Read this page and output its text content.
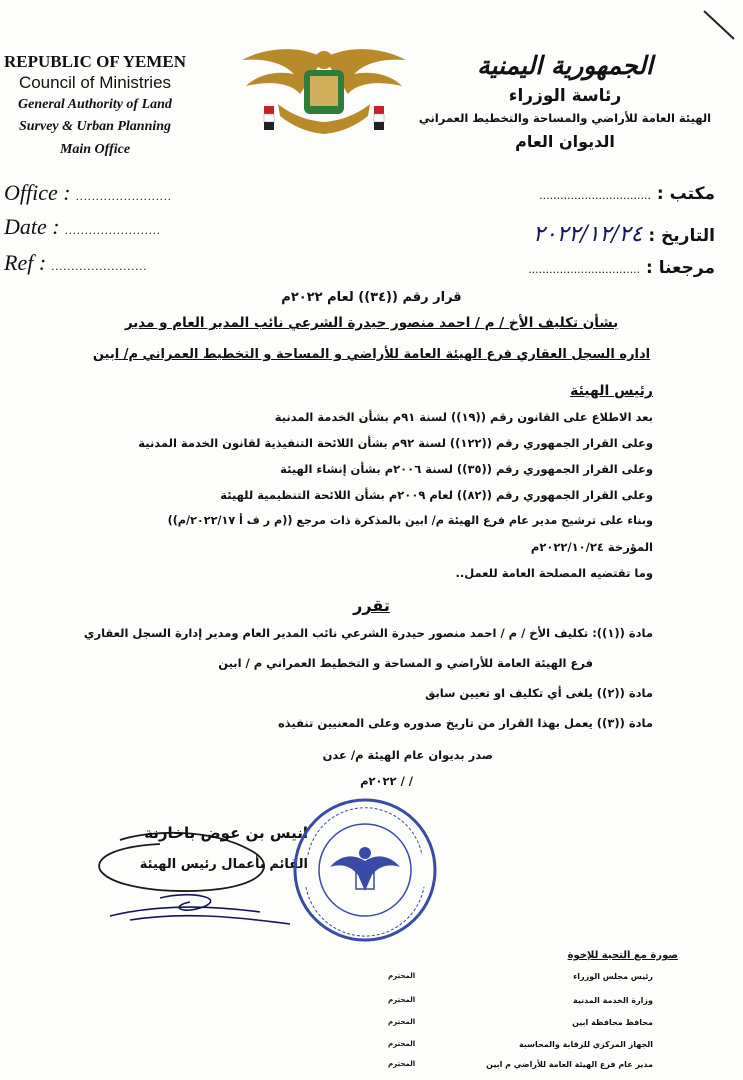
REPUBLIC OF YEMEN
Council of Ministries
General Authority of Land
Survey & Urban Planning
Main Office
الجمهورية اليمنية
رئاسة الوزراء
الهيئة العامة للأراضي والمساحة والتخطيط العمراني
الديوان العام
Office : ........................
Date : ........................
Ref : ........................
مكتب : ................................
التاريخ : ٢٠٢٢/١٢/٢٤
مرجعنا : ................................
قرار رقم ((٣٤)) لعام ٢٠٢٢م
بشأن تكليف الأخ / م / احمد منصور حيدرة الشرعي نائب المدير العام و مدير
اداره السجل العقاري فرع الهيئة العامة للأراضي و المساحة و التخطيط العمراني م/ ابين
رئيس الهيئة
بعد الاطلاع على القانون رقم ((١٩)) لسنة ٩١م بشأن الخدمة المدنية
وعلى القرار الجمهوري رقم ((١٢٢)) لسنة ٩٢م بشأن اللائحة التنفيذية لقانون الخدمة المدنية
وعلى القرار الجمهوري رقم ((٣٥)) لسنة ٢٠٠٦م بشأن إنشاء الهيئة
وعلى القرار الجمهوري رقم ((٨٢)) لعام ٢٠٠٩م بشأن اللائحة التنظيمية للهيئة
وبناء على ترشيح مدير عام فرع الهيئة م/ ابين بالمذكرة ذات مرجع ((م ر ف أ ٢٠٢٢/١٧/م))
المؤرخة ٢٠٢٢/١٠/٢٤م
وما تقتضيه المصلحة العامة للعمل..
تقرر
مادة ((١)): تكليف الأخ / م / احمد منصور حيدرة الشرعي نائب المدير العام ومدير إدارة السجل العقاري
فرع الهيئة العامة للأراضي و المساحة و التخطيط العمراني م / ابين
مادة ((٢)) يلغى أي تكليف او تعيين سابق
مادة ((٣)) يعمل بهذا القرار من تاريخ صدوره وعلى المعنيين تنفيذه
صدر بديوان عام الهيئة م/ عدن
/ / ٢٠٢٢م
انيس بن عوض باخارنة
القائم بأعمال رئيس الهيئة
صورة مع التحية للإخوة
رئيس مجلس الوزراء
المحترم
وزارة الخدمة المدنية
المحترم
محافظ محافظة ابين
المحترم
الجهاز المركزي للرقابة والمحاسبة
المحترم
مدير عام فرع الهيئة العامة للأراضي م ابين
المحترم
